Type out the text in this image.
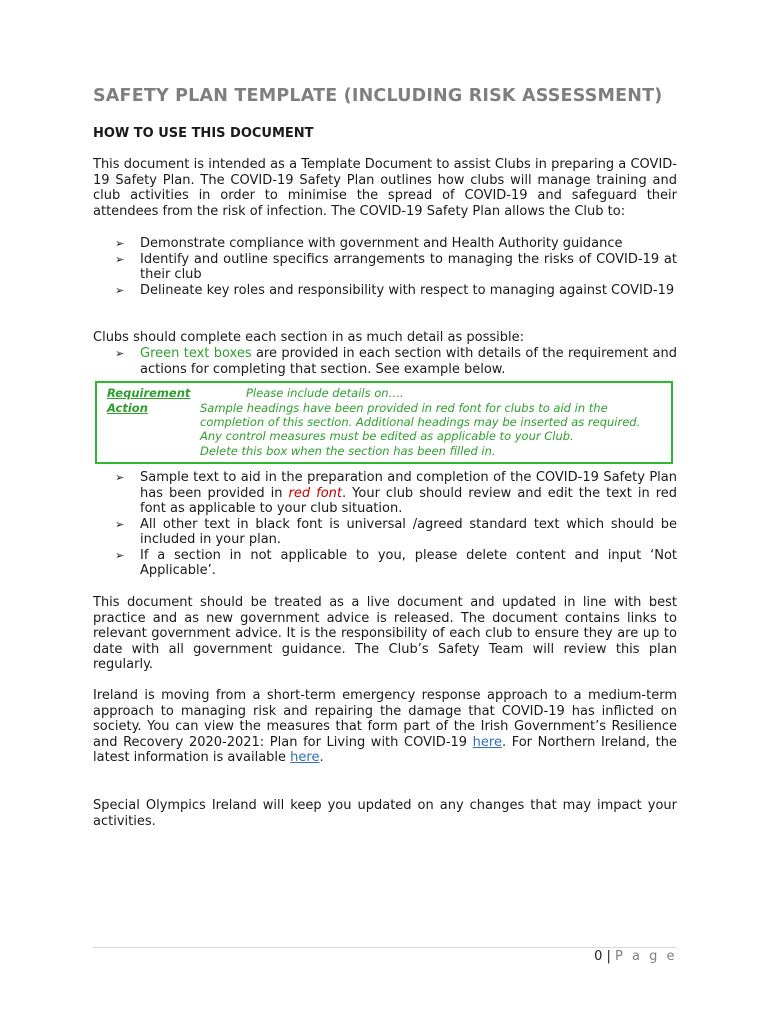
SAFETY PLAN TEMPLATE (INCLUDING RISK ASSESSMENT)
HOW TO USE THIS DOCUMENT

This document is intended as a Template Document to assist Clubs in preparing a COVID-19 Safety Plan. The COVID-19 Safety Plan outlines how clubs will manage training and club activities in order to minimise the spread of COVID-19 and safeguard their attendees from the risk of infection. The COVID-19 Safety Plan allows the Club to:

➢ Demonstrate compliance with government and Health Authority guidance
➢ Identify and outline specifics arrangements to managing the risks of COVID-19 at their club
➢ Delineate key roles and responsibility with respect to managing against COVID-19

Clubs should complete each section in as much detail as possible:

➢ Green text boxes are provided in each section with details of the requirement and actions for completing that section. See example below.
Requirement	Please include details on….
Action	Sample headings have been provided in red font for clubs to aid in the completion of this section. Additional headings may be inserted as required. Any control measures must be edited as applicable to your Club.
Delete this box when the section has been filled in.
➢ Sample text to aid in the preparation and completion of the COVID-19 Safety Plan has been provided in red font. Your club should review and edit the text in red font as applicable to your club situation.
➢ All other text in black font is universal /agreed standard text which should be included in your plan.
➢ If a section in not applicable to you, please delete content and input ‘Not Applicable’.

This document should be treated as a live document and updated in line with best practice and as new government advice is released. The document contains links to relevant government advice. It is the responsibility of each club to ensure they are up to date with all government guidance. The Club’s Safety Team will review this plan regularly.

Ireland is moving from a short-term emergency response approach to a medium-term approach to managing risk and repairing the damage that COVID-19 has inflicted on society. You can view the measures that form part of the Irish Government’s Resilience and Recovery 2020-2021: Plan for Living with COVID-19 here. For Northern Ireland, the latest information is available here.

Special Olympics Ireland will keep you updated on any changes that may impact your activities.

0 | P a g e
